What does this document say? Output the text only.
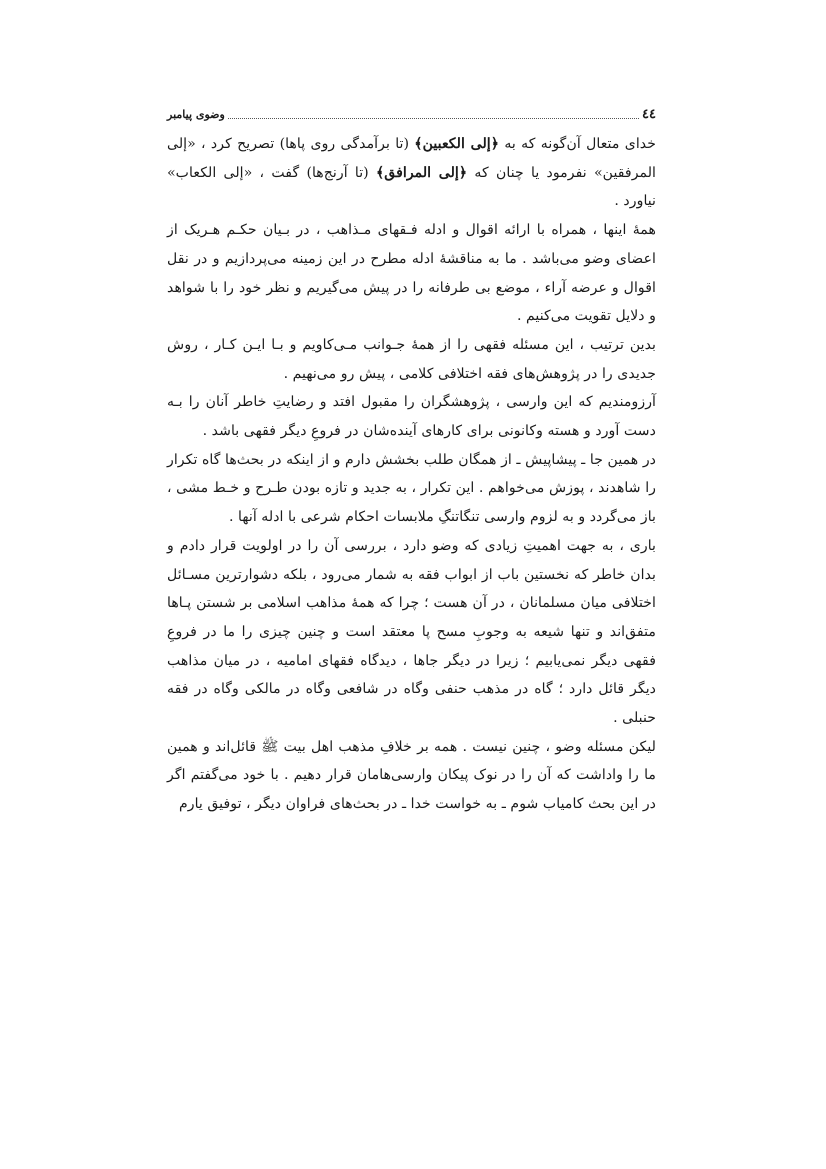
٤٤
وضوی پیامبر

خدای متعال آن‌گونه که به ﴿إلی الکعبین﴾ (تا برآمدگی روی پاها) تصریح کرد ، «إلی المرفقین» نفرمود یا چنان که ﴿إلی المرافق﴾ (تا آرنج‌ها) گفت ، «إلی الکعاب» نیاورد .

همهٔ اینها ، همراه با ارائه اقوال و ادله فـقهای مـذاهب ، در بـیان حکـم هـریک از اعضای وضو می‌باشد . ما به مناقشهٔ ادله مطرح در این زمینه می‌پردازیم و در نقل اقوال و عرضه آراء ، موضع بی طرفانه را در پیش می‌گیریم و نظر خود را با شواهد و دلایل تقویت می‌کنیم .

بدین ترتیب ، این مسئله فقهی را از همهٔ جـوانب مـی‌کاویم و بـا ایـن کـار ، روش جدیدی را در پژوهش‌های فقه اختلافی کلامی ، پیش رو می‌نهیم .

آرزومندیم که این وارسی ، پژوهشگران را مقبول افتد و رضایتِ خاطر آنان را بـه دست آورد و هسته وکانونی برای کارهای آینده‌شان در فروعِ دیگر فقهی باشد .

در همین جا ـ پیشاپیش ـ از همگان طلب بخشش دارم و از اینکه در بحث‌ها گاه تکرار را شاهدند ، پوزش می‌خواهم . این تکرار ، به جدید و تازه بودن طـرح و خـط مشی ، باز می‌گردد و به لزوم وارسی تنگاتنگِ ملابسات احکام شرعی با ادله آنها .

باری ، به جهت اهمیتِ زیادی که وضو دارد ، بررسی آن را در اولویت قرار دادم و بدان خاطر که نخستین باب از ابواب فقه به شمار می‌رود ، بلکه دشوارترین مسـائل اختلافی میان مسلمانان ، در آن هست ؛ چرا که همهٔ مذاهب اسلامی بر شستن پـاها متفق‌اند و تنها شیعه به وجوبِ مسح پا معتقد است و چنین چیزی را ما در فروعِ فقهی دیگر نمی‌یابیم ؛ زیرا در دیگر جاها ، دیدگاه فقهای امامیه ، در میان مذاهب دیگر قائل دارد ؛ گاه در مذهب حنفی وگاه در شافعی وگاه در مالکی وگاه در فقه حنبلی .

لیکن مسئله وضو ، چنین نیست . همه بر خلافِ مذهب اهل بیت ﷺ قائل‌اند و همین ما را واداشت که آن را در نوک پیکان وارسی‌هامان قرار دهیم . با خود می‌گفتم اگر در این بحث کامیاب شوم ـ به خواست خدا ـ در بحث‌های فراوان دیگر ، توفیق یارم
